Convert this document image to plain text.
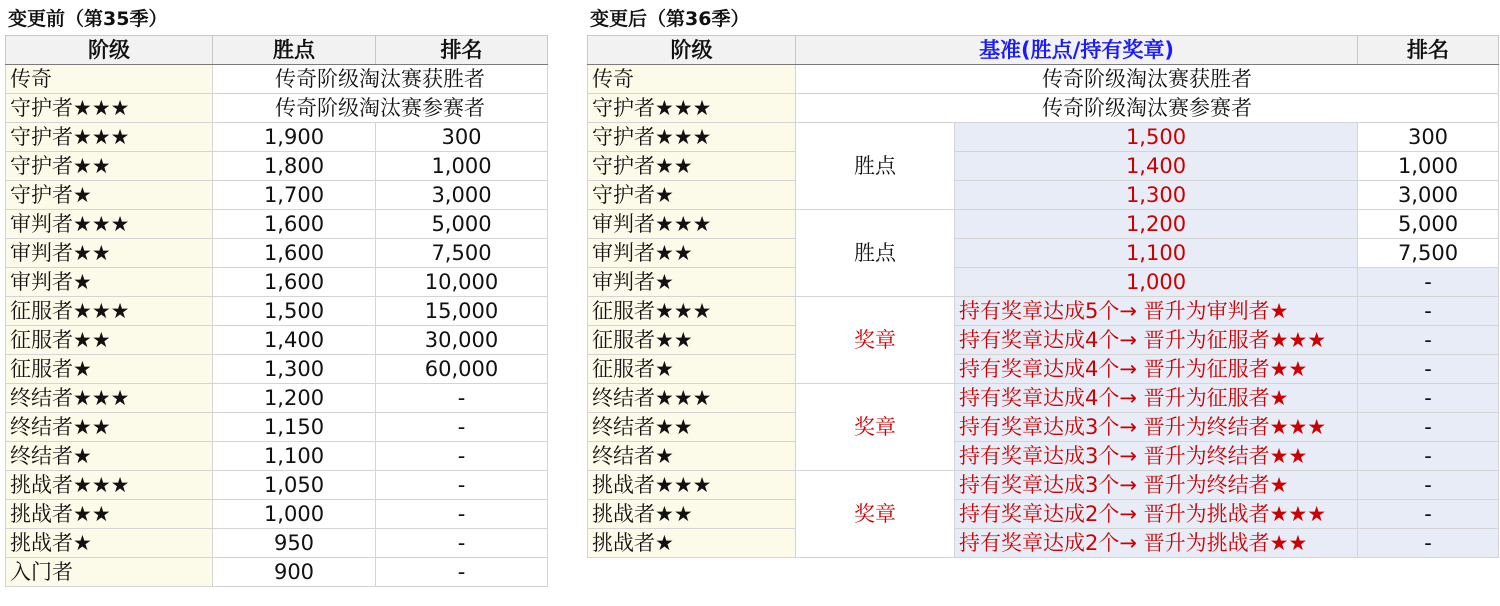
变更前（第35季）	变更后（第36季）
阶级	胜点	排名
传奇	传奇阶级淘汰赛获胜者	
守护者★★★	传奇阶级淘汰赛参赛者	
守护者★★★	1,900	300
守护者★★	1,800	1,000
守护者★	1,700	3,000
审判者★★★	1,600	5,000
审判者★★	1,600	7,500
审判者★	1,600	10,000
征服者★★★	1,500	15,000
征服者★★	1,400	30,000
征服者★	1,300	60,000
终结者★★★	1,200	-
终结者★★	1,150	-
终结者★	1,100	-
挑战者★★★	1,050	-
挑战者★★	1,000	-
挑战者★	950	-
入门者	900	-
阶级	基准(胜点/持有奖章)		排名
传奇	传奇阶级淘汰赛获胜者		
守护者★★★	传奇阶级淘汰赛参赛者		
守护者★★★	胜点	1,500	300
守护者★★		1,400	1,000
守护者★		1,300	3,000
审判者★★★	胜点	1,200	5,000
审判者★★		1,100	7,500
审判者★		1,000	-
征服者★★★	奖章	持有奖章达成5个→ 晋升为审判者★	-
征服者★★		持有奖章达成4个→ 晋升为征服者★★★	-
征服者★		持有奖章达成4个→ 晋升为征服者★★	-
终结者★★★	奖章	持有奖章达成4个→ 晋升为征服者★	-
终结者★★		持有奖章达成3个→ 晋升为终结者★★★	-
终结者★		持有奖章达成3个→ 晋升为终结者★★	-
挑战者★★★	奖章	持有奖章达成3个→ 晋升为终结者★	-
挑战者★★		持有奖章达成2个→ 晋升为挑战者★★★	-
挑战者★		持有奖章达成2个→ 晋升为挑战者★★	-
